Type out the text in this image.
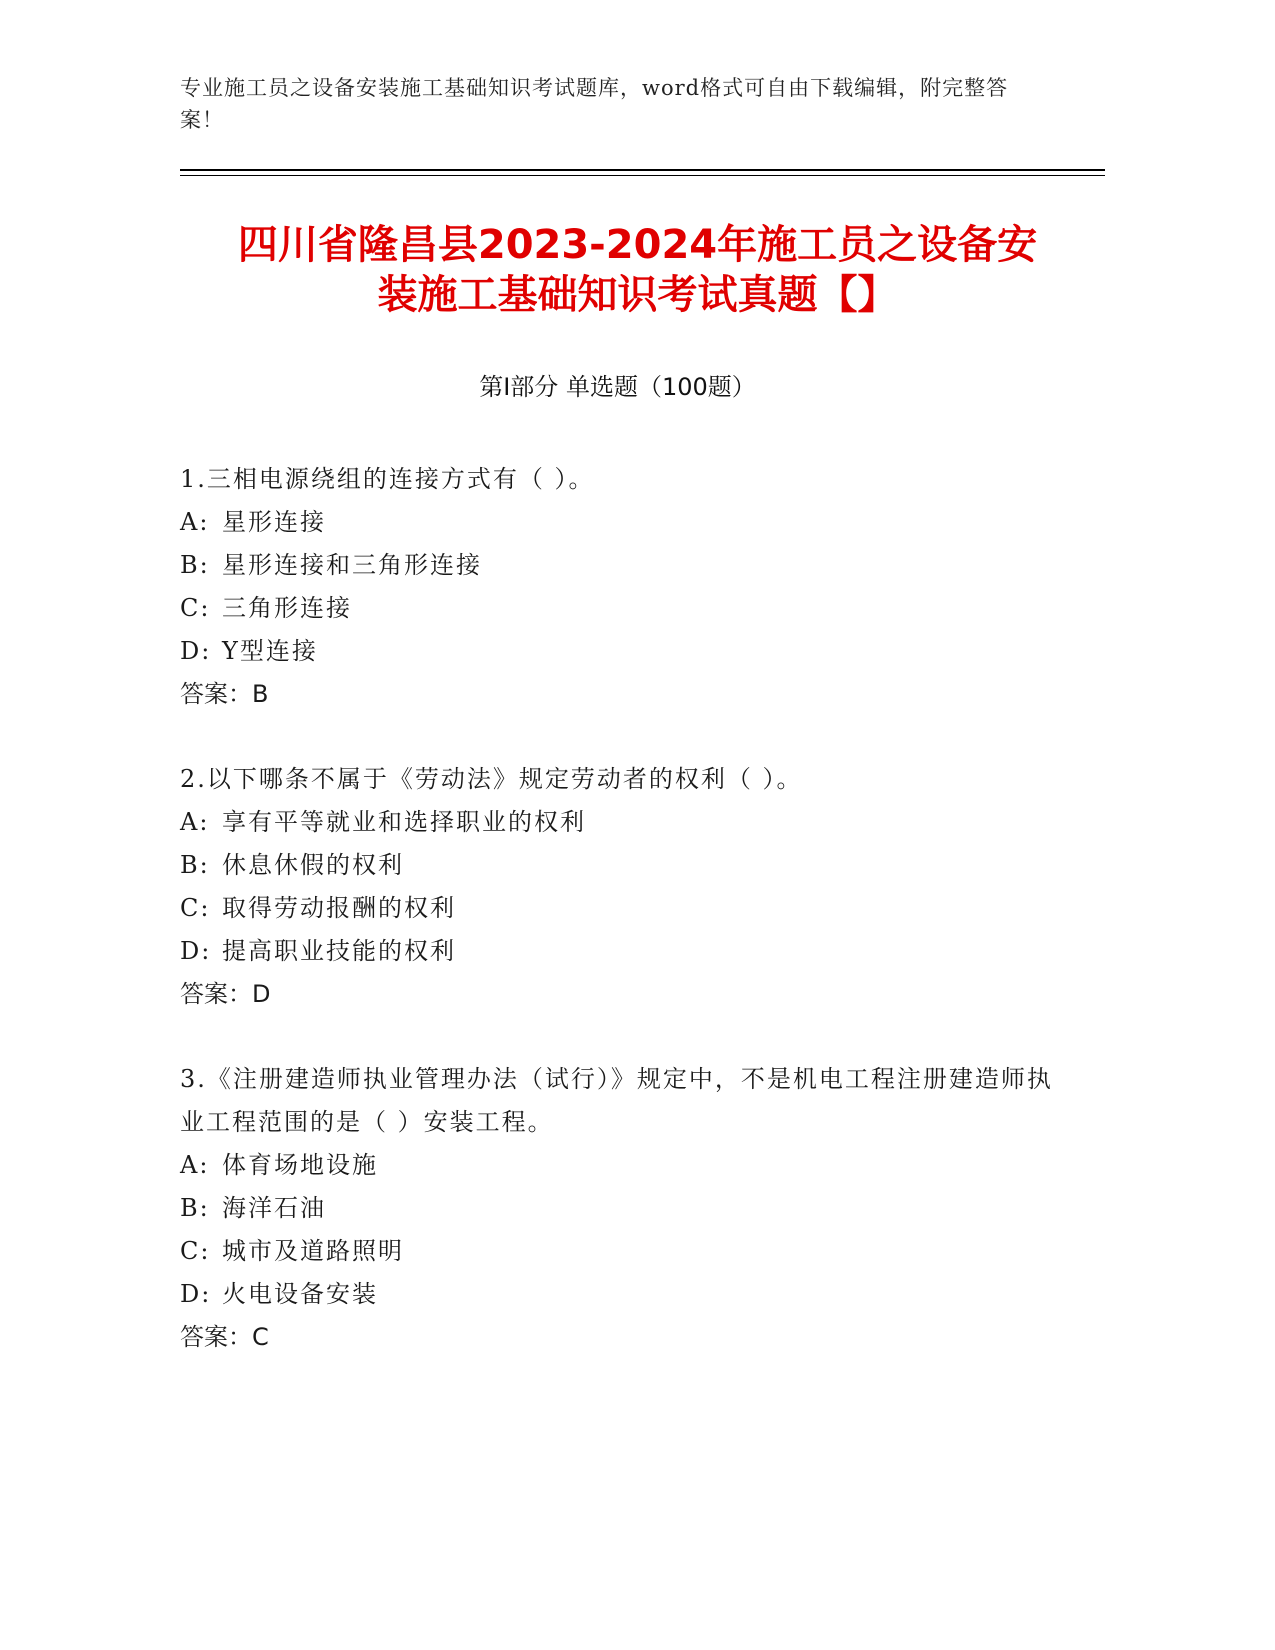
专业施工员之设备安装施工基础知识考试题库，word格式可自由下载编辑，附完整答案！
四川省隆昌县2023-2024年施工员之设备安
装施工基础知识考试真题【】
第Ⅰ部分 单选题（100题）

1.三相电源绕组的连接方式有（ ）。

A: 星形连接

B: 星形连接和三角形连接

C: 三角形连接

D: Y型连接

答案：B

2.以下哪条不属于《劳动法》规定劳动者的权利（ ）。

A: 享有平等就业和选择职业的权利

B: 休息休假的权利

C: 取得劳动报酬的权利

D: 提高职业技能的权利

答案：D

3.《注册建造师执业管理办法（试行）》规定中，不是机电工程注册建造师执业工程范围的是（ ）安装工程。

A: 体育场地设施

B: 海洋石油

C: 城市及道路照明

D: 火电设备安装

答案：C
